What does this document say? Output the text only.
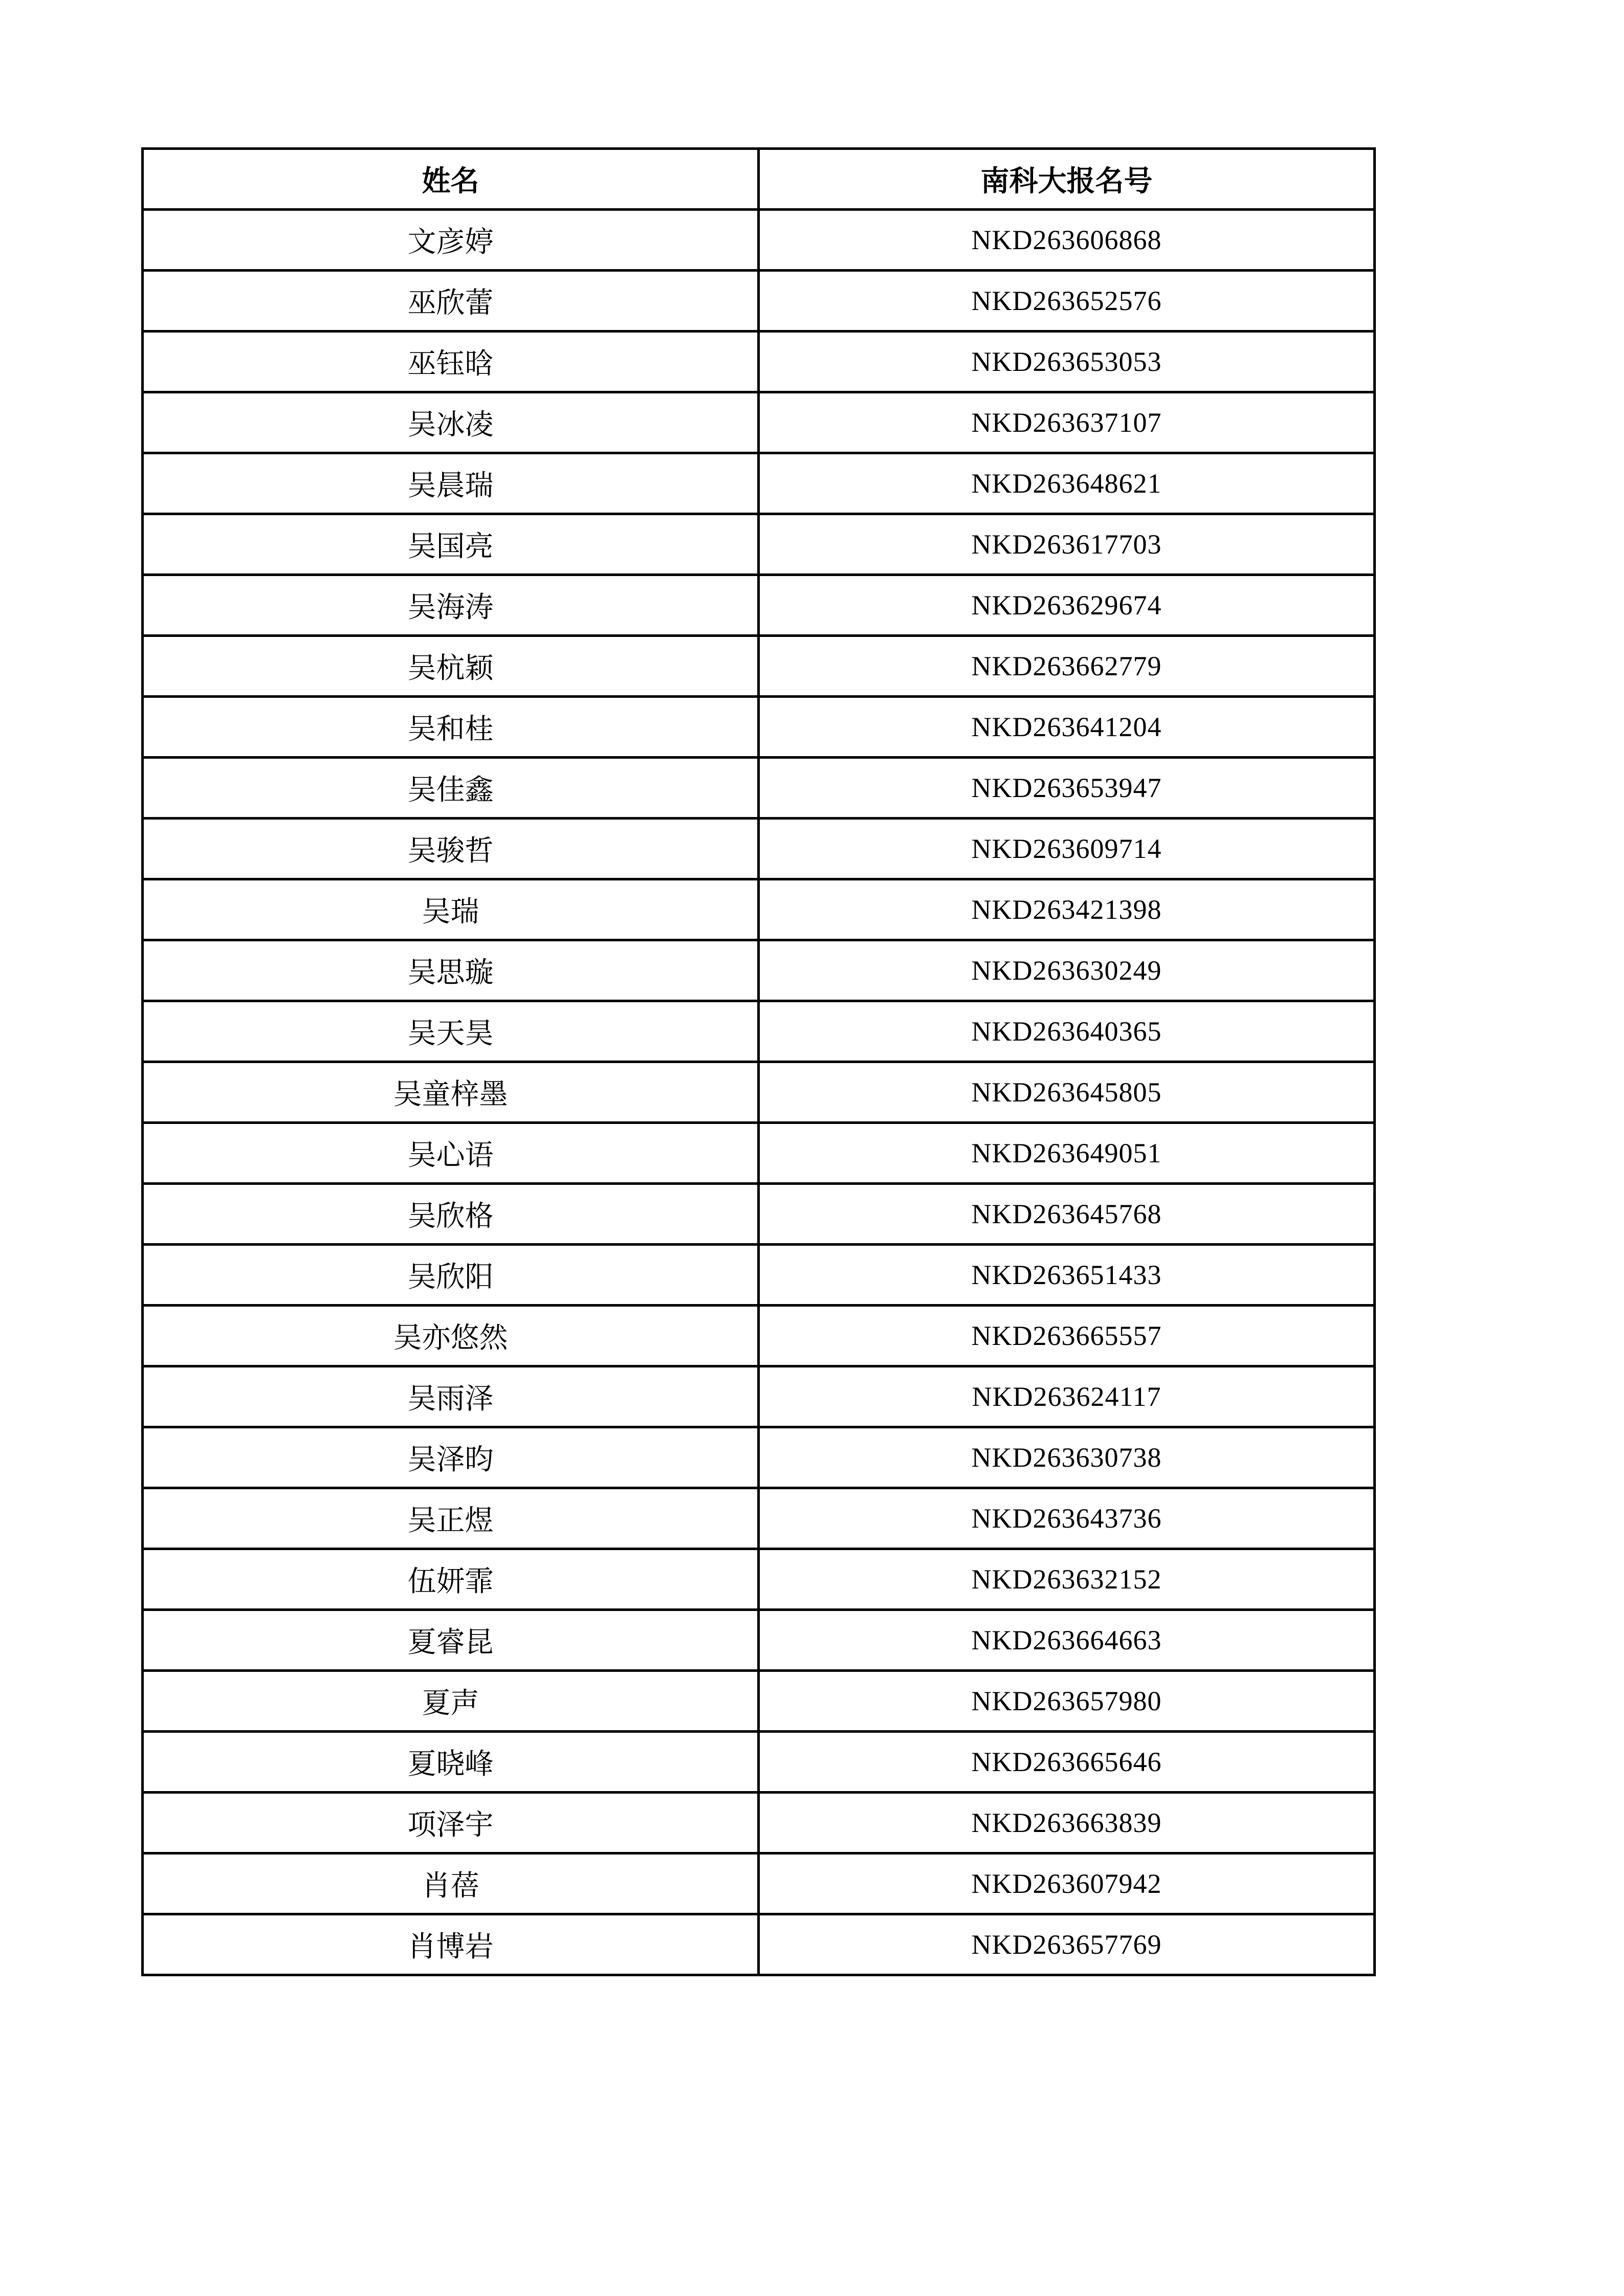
姓名	南科大报名号
文彦婷	NKD263606868
巫欣蕾	NKD263652576
巫钰晗	NKD263653053
吴冰凌	NKD263637107
吴晨瑞	NKD263648621
吴国亮	NKD263617703
吴海涛	NKD263629674
吴杭颖	NKD263662779
吴和桂	NKD263641204
吴佳鑫	NKD263653947
吴骏哲	NKD263609714
吴瑞	NKD263421398
吴思璇	NKD263630249
吴天昊	NKD263640365
吴童梓墨	NKD263645805
吴心语	NKD263649051
吴欣格	NKD263645768
吴欣阳	NKD263651433
吴亦悠然	NKD263665557
吴雨泽	NKD263624117
吴泽昀	NKD263630738
吴正煜	NKD263643736
伍妍霏	NKD263632152
夏睿昆	NKD263664663
夏声	NKD263657980
夏晓峰	NKD263665646
项泽宇	NKD263663839
肖蓓	NKD263607942
肖博岩	NKD263657769
